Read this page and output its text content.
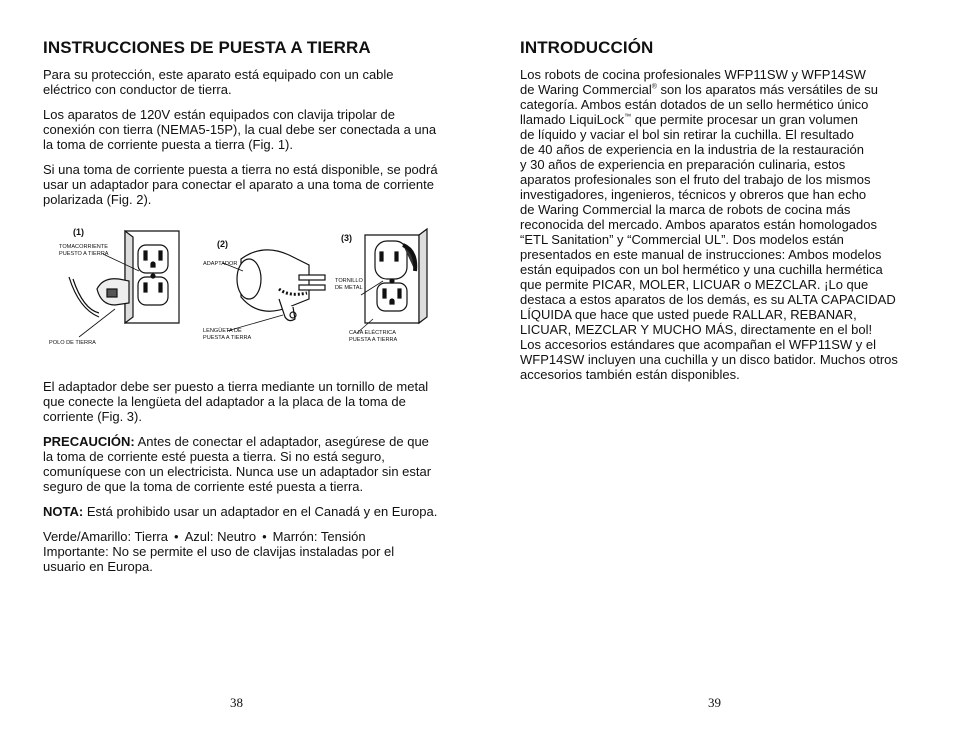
INSTRUCCIONES DE PUESTA A TIERRA

Para su protección, este aparato está equipado con un cable eléctrico con conductor de tierra.

Los aparatos de 120V están equipados con clavija tripolar de conexión con tierra (NEMA5-15P), la cual debe ser conectada a una la toma de corriente puesta a tierra (Fig. 1).

Si una toma de corriente puesta a tierra no está disponible, se podrá usar un adaptador para conectar el aparato a una toma de corriente polarizada (Fig. 2).

(1)
(2)
(3)
TOMACORRIENTE PUESTO A TIERRA
POLO DE TIERRA
ADAPTADOR
LENGÜETA DE PUESTA A TIERRA
TORNILLO DE METAL
CAJA ELÉCTRICA PUESTA A TIERRA

El adaptador debe ser puesto a tierra mediante un tornillo de metal que conecte la lengüeta del adaptador a la placa de la toma de corriente (Fig. 3).

PRECAUCIÓN: Antes de conectar el adaptador, asegúrese de que la toma de corriente esté puesta a tierra. Si no está seguro, comuníquese con un electricista. Nunca use un adaptador sin estar seguro de que la toma de corriente esté puesta a tierra.

NOTA: Está prohibido usar un adaptador en el Canadá y en Europa.

Verde/Amarillo: Tierra • Azul: Neutro • Marrón: Tensión
Importante: No se permite el uso de clavijas instaladas por el usuario en Europa.

38
INTRODUCCIÓN

Los robots de cocina profesionales WFP11SW y WFP14SW

de Waring Commercial® son los aparatos más versátiles de su

categoría. Ambos están dotados de un sello hermético único

llamado LiquiLock™ que permite procesar un gran volumen

de líquido y vaciar el bol sin retirar la cuchilla. El resultado

de 40 años de experiencia en la industria de la restauración

y 30 años de experiencia en preparación culinaria, estos

aparatos profesionales son el fruto del trabajo de los mismos

investigadores, ingenieros, técnicos y obreros que han echo

de Waring Commercial la marca de robots de cocina más

reconocida del mercado. Ambos aparatos están homologados

“ETL Sanitation” y “Commercial UL”. Dos modelos están

presentados en este manual de instrucciones: Ambos modelos

están equipados con un bol hermético y una cuchilla hermética

que permite PICAR, MOLER, LICUAR o MEZCLAR. ¡Lo que

destaca a estos aparatos de los demás, es su ALTA CAPACIDAD

LÍQUIDA que hace que usted puede RALLAR, REBANAR,

LICUAR, MEZCLAR Y MUCHO MÁS, directamente en el bol!

Los accesorios estándares que acompañan el WFP11SW y el

WFP14SW incluyen una cuchilla y un disco batidor. Muchos otros

accesorios también están disponibles.

39
